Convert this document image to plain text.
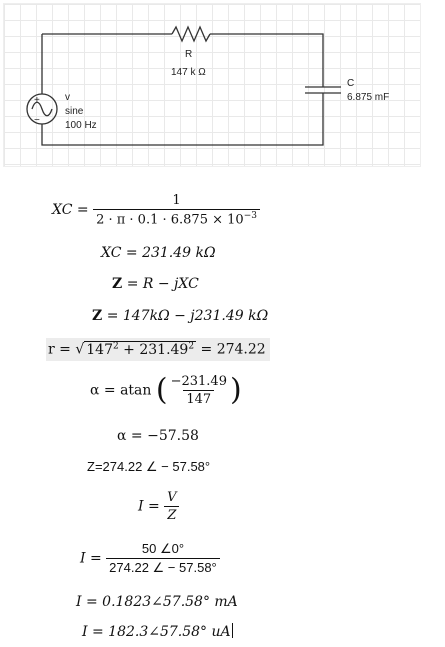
+
−
R
147 k Ω
C
6.875 mF
v
sine
100 Hz
XC = $\frac{1}{2 \cdot \pi \cdot 0.1 \cdot 6.875 \times 10^{-3}}$
XC = 231.49 kΩ
Z = R − jXC
Z = 147kΩ − j231.49 kΩ
r = √ $147^2 + 231.49^2 = 274.22$
α = atan ( $\frac{-231.49}{147}$ )
α = −57.58
Z=274.22 ∠ − 57.58°
$I = \frac{V}{Z}$
$I = \frac{50 \angle 0^\circ}{274.22 \angle - 57.58^\circ}$
I = 0.1823∠57.58° mA
I = 182.3∠57.58° uA
